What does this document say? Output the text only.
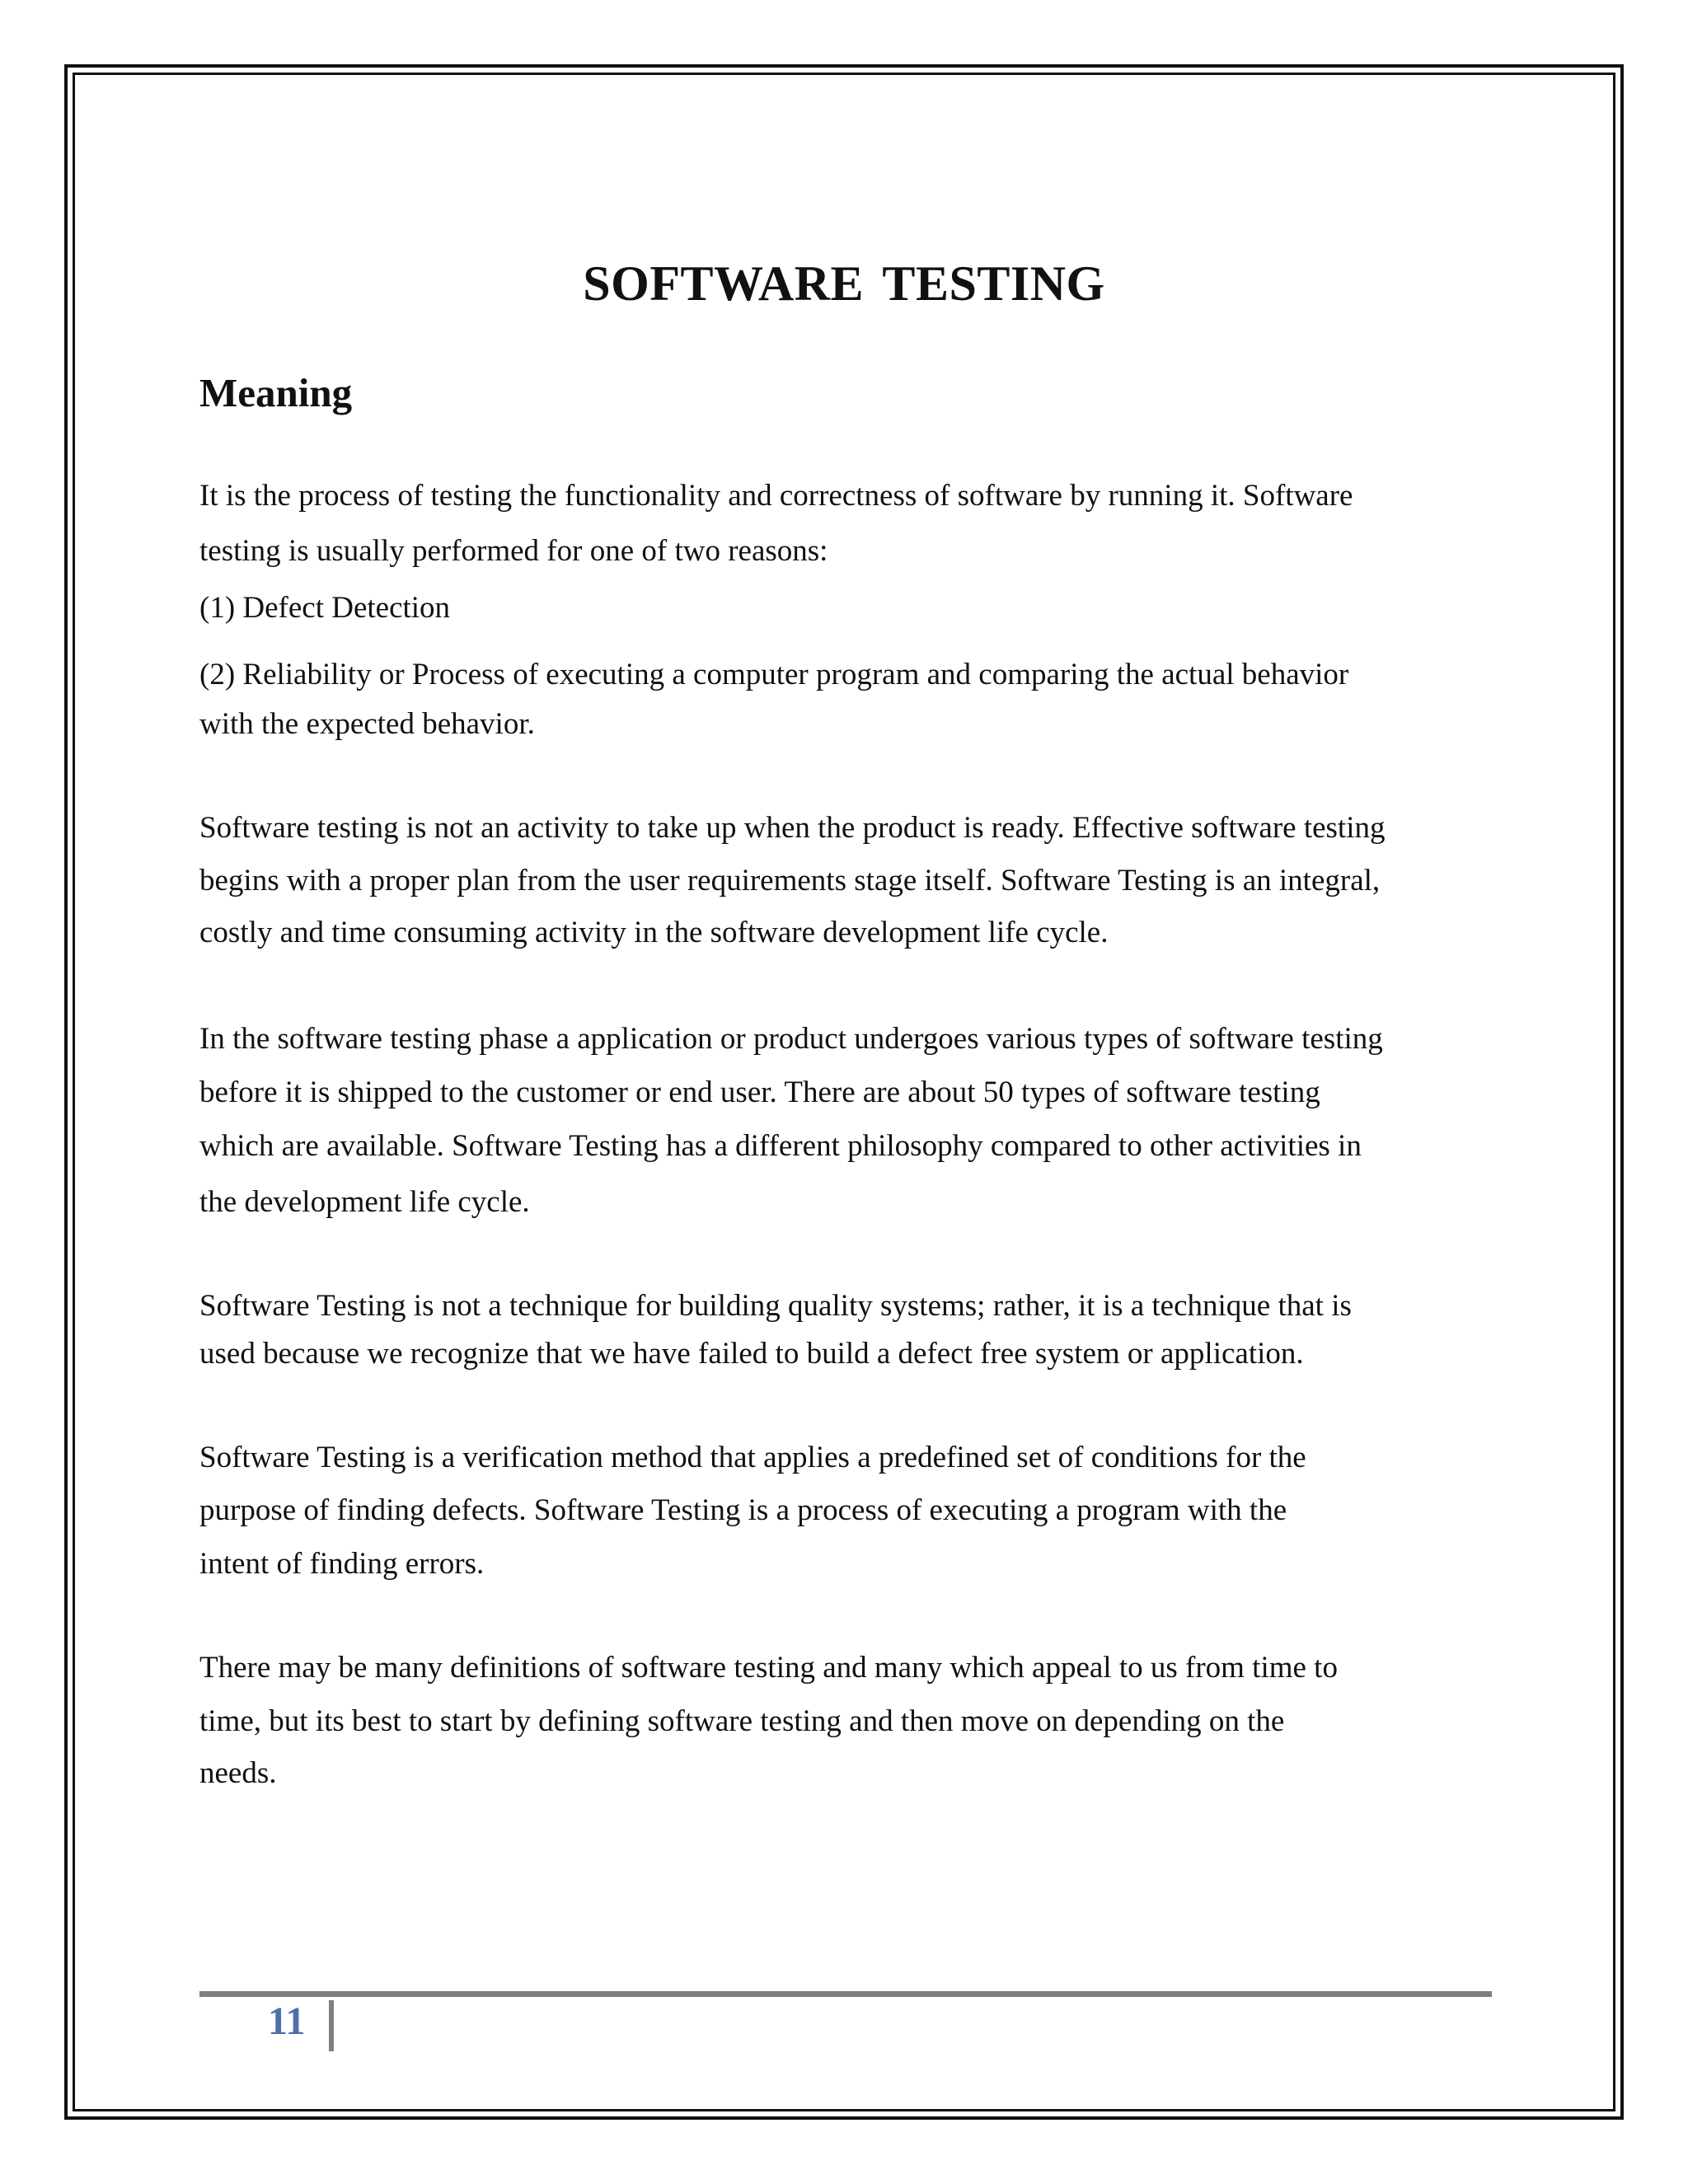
SOFTWARE TESTING
Meaning
It is the process of testing the functionality and correctness of software by running it. Software
testing is usually performed for one of two reasons:
(1) Defect Detection
(2) Reliability or Process of executing a computer program and comparing the actual behavior
with the expected behavior.
Software testing is not an activity to take up when the product is ready. Effective software testing
begins with a proper plan from the user requirements stage itself. Software Testing is an integral,
costly and time consuming activity in the software development life cycle.
In the software testing phase a application or product undergoes various types of software testing
before it is shipped to the customer or end user. There are about 50 types of software testing
which are available. Software Testing has a different philosophy compared to other activities in
the development life cycle.
Software Testing is not a technique for building quality systems; rather, it is a technique that is
used because we recognize that we have failed to build a defect free system or application.
Software Testing is a verification method that applies a predefined set of conditions for the
purpose of finding defects. Software Testing is a process of executing a program with the
intent of finding errors.
There may be many definitions of software testing and many which appeal to us from time to
time, but its best to start by defining software testing and then move on depending on the
needs.
11
